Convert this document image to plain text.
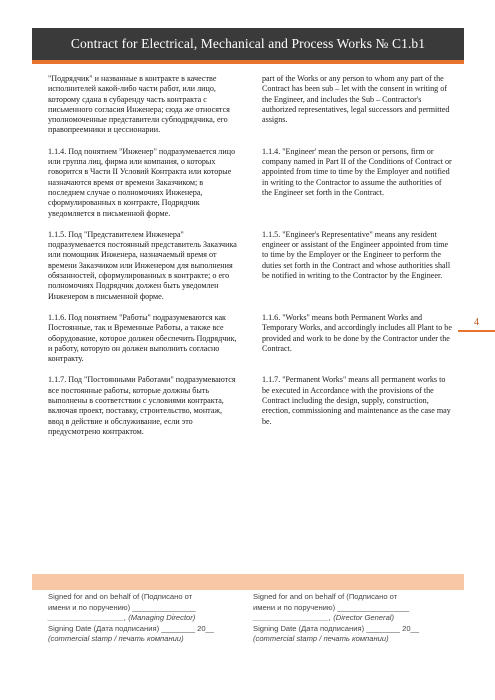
Contract for Electrical, Mechanical and Process Works № C1.b1
"Подрядчик" и названные в контракте в качестве исполнителей какой-либо части работ, или лицо, которому сдана в субаренду часть контракта с письменного согласия Инженера; сюда же относятся уполномоченные представители субподрядчика, его правопреемники и цессионарии.
part of the Works or any person to whom any part of the Contract has been sub – let with the consent in writing of the Engineer, and includes the Sub – Contractor's authorized representatives, legal successors and permitted assigns.
1.1.4. Под понятием "Инженер" подразумевается лицо или группа лиц, фирма или компания, о которых говорится в Части II Условий Контракта или которые назначаются время от времени Заказчиком; в последнем случае о полномочиях Инженера, сформулированных в контракте, Подрядчик уведомляется в письменной форме.
1.1.4. "Engineer' mean the person or persons, firm or company named in Part II of the Conditions of Contract or appointed from time to time by the Employer and notified in writing to the Contractor to assume the authorities of the Engineer set forth in the Contract.
1.1.5. Под "Представителем Инженера" подразумевается постоянный представитель Заказчика или помощник Инженера, назначаемый время от времени Заказчиком или Инженером для выполнения обязанностей, сформулированных в контракте; о его полномочиях Подрядчик должен быть уведомлен Инженером в письменной форме.
1.1.5. "Engineer's Representative" means any resident engineer or assistant of the Engineer appointed from time to time by the Employer or the Engineer to perform the duties set forth in the Contract and whose authorities shall be notified in writing to the Contractor by the Engineer.
1.1.6. Под понятием "Работы" подразумеваются как Постоянные, так и Временные Работы, а также все оборудование, которое должен обеспечить Подрядчик, и работу, которую он должен выполнить согласно контракту.
1.1.6. "Works" means both Permanent Works and Temporary Works, and accordingly includes all Plant to be provided and work to be done by the Contractor under the Contract.
1.1.7. Под "Постоянными Работами" подразумеваются все постоянные работы, которые должны быть выполнены в соответствии с условиями контракта, включая проект, поставку, строительство, монтаж, ввод в действие и обслуживание, если это предусмотрено контрактом.
1.1.7. "Permanent Works" means all permanent works to be executed in Accordance with the provisions of the Contract including the design, supply, construction, erection, commissioning and maintenance as the case may be.
4
Signed for and on behalf of (Подписано от
имени и по поручению) _______________
__________________, (Managing Director)
Signing Date (Дата подписания) ________ 20__
(commercial stamp / печать компании)
Signed for and on behalf of (Подписано от
имени и по поручению) _________________
__________________, (Director General)
Signing Date (Дата подписания) ________ 20__
(commercial stamp / печать компании)
